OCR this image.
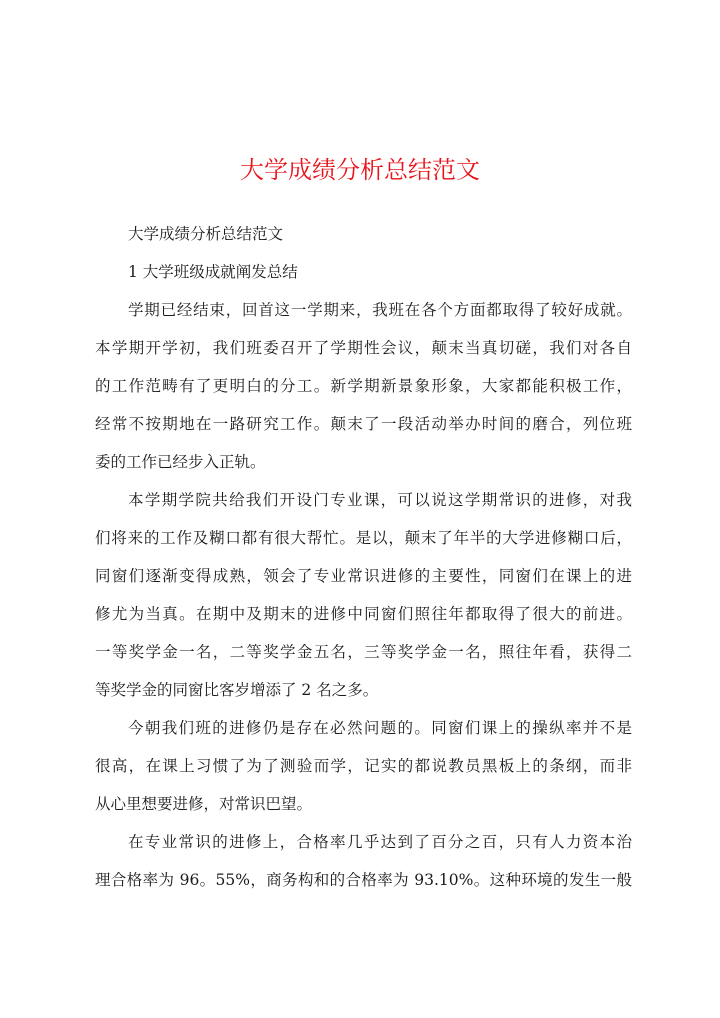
大学成绩分析总结范文
大学成绩分析总结范文
1 大学班级成就阐发总结
学期已经结束，回首这一学期来，我班在各个方面都取得了较好成就。
本学期开学初，我们班委召开了学期性会议，颠末当真切磋，我们对各自
的工作范畴有了更明白的分工。新学期新景象形象，大家都能积极工作，
经常不按期地在一路研究工作。颠末了一段活动举办时间的磨合，列位班
委的工作已经步入正轨。
本学期学院共给我们开设门专业课，可以说这学期常识的进修，对我
们将来的工作及糊口都有很大帮忙。是以，颠末了年半的大学进修糊口后，
同窗们逐渐变得成熟，领会了专业常识进修的主要性，同窗们在课上的进
修尤为当真。在期中及期末的进修中同窗们照往年都取得了很大的前进。
一等奖学金一名，二等奖学金五名，三等奖学金一名，照往年看，获得二
等奖学金的同窗比客岁增添了 2 名之多。
今朝我们班的进修仍是存在必然问题的。同窗们课上的操纵率并不是
很高，在课上习惯了为了测验而学，记实的都说教员黑板上的条纲，而非
从心里想要进修，对常识巴望。
在专业常识的进修上，合格率几乎达到了百分之百，只有人力资本治
理合格率为 96。55%，商务构和的合格率为 93.10%。这种环境的发生一般
